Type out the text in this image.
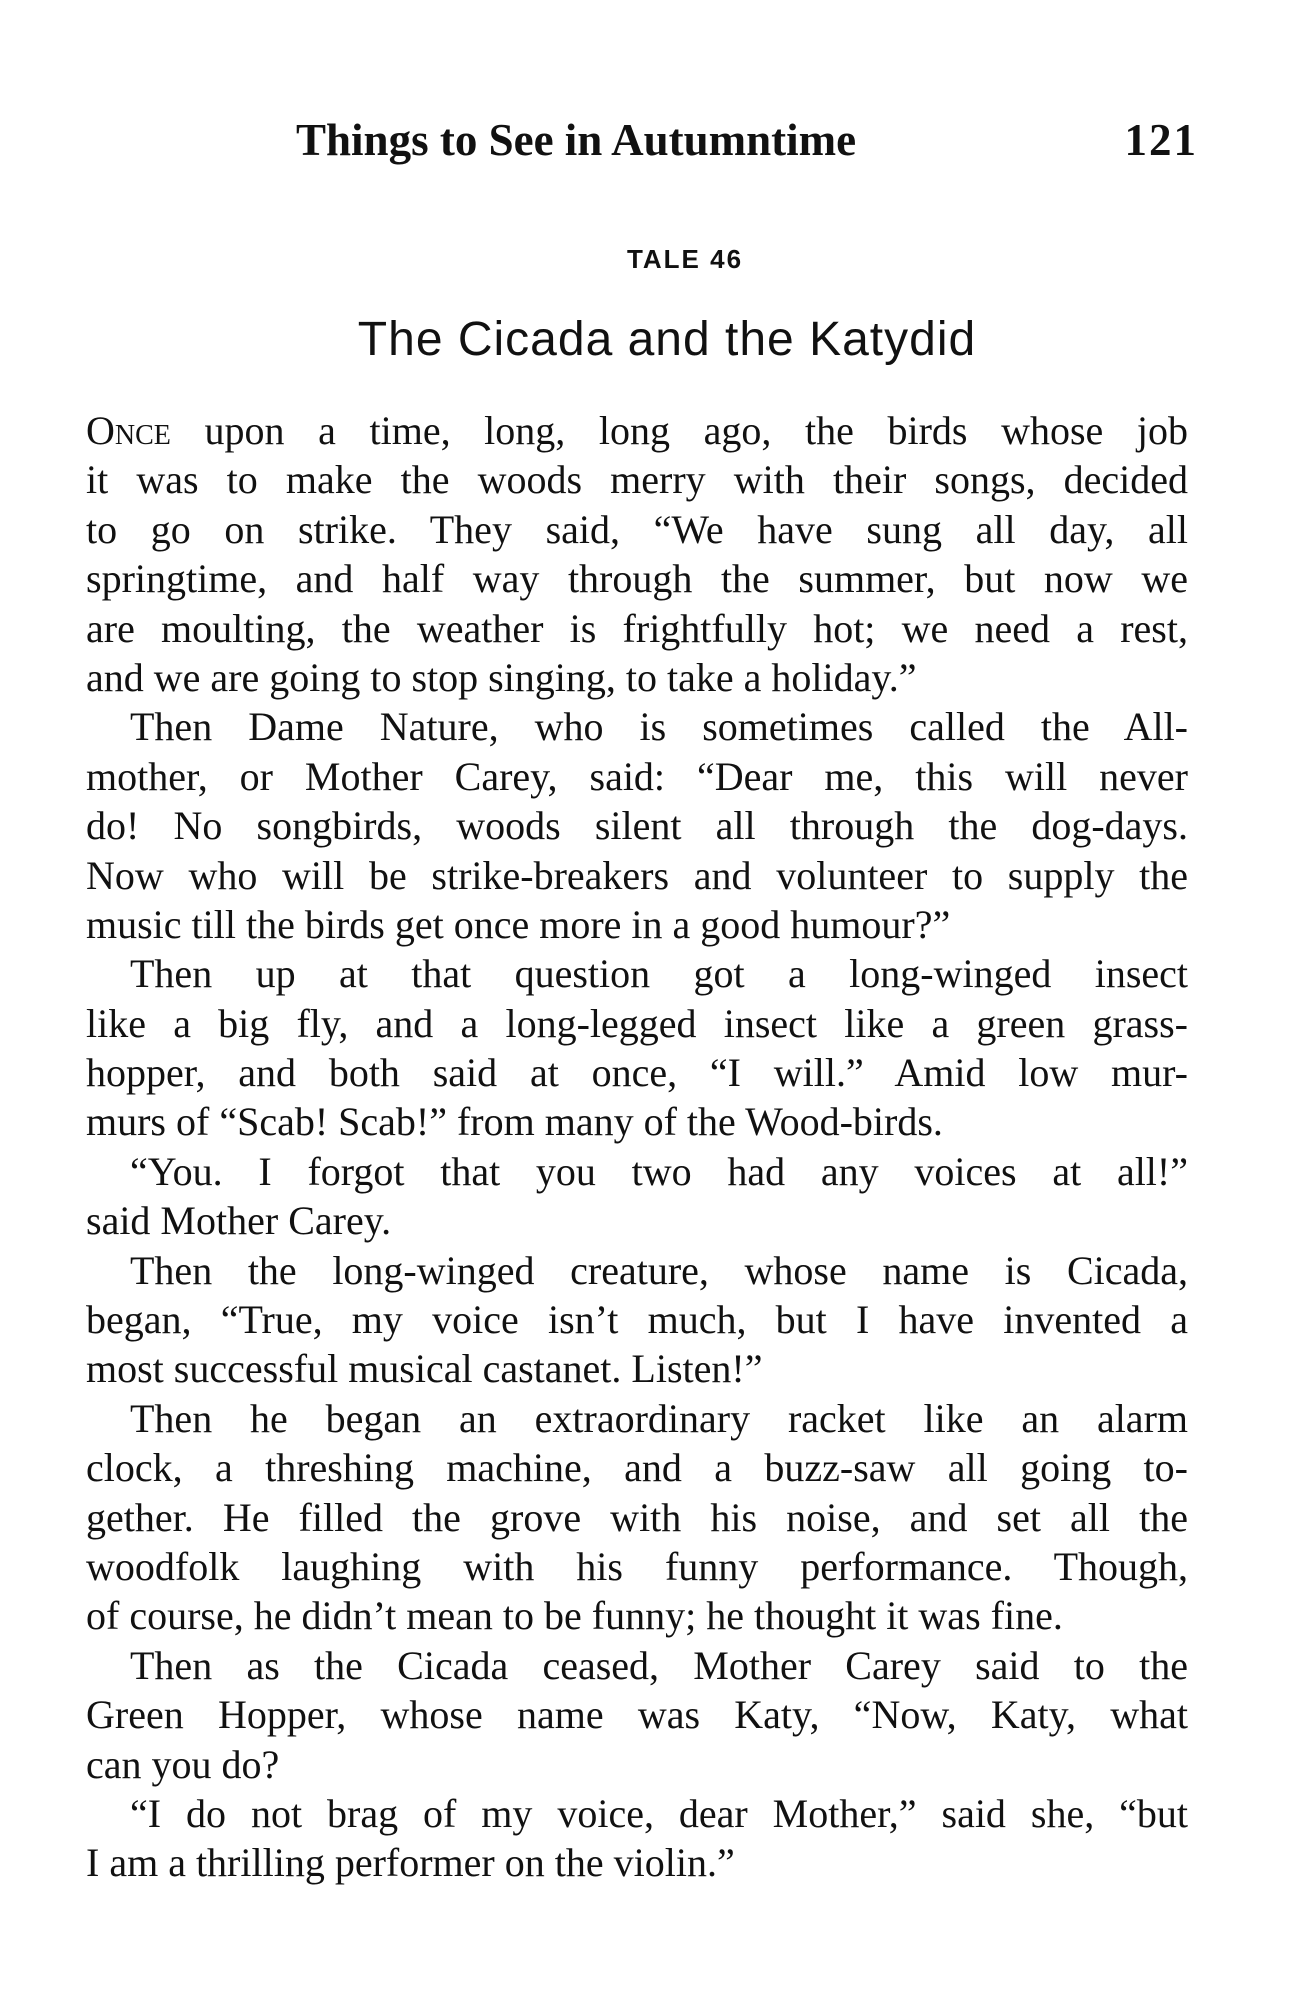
Things to See in Autumntime	121
TALE 46
The Cicada and the Katydid
Once upon a time, long, long ago, the birds whose job
it was to make the woods merry with their songs, decided
to go on strike. They said, “We have sung all day, all
springtime, and half way through the summer, but now we
are moulting, the weather is frightfully hot; we need a rest,
and we are going to stop singing, to take a holiday.”
Then Dame Nature, who is sometimes called the All-
mother, or Mother Carey, said: “Dear me, this will never
do! No songbirds, woods silent all through the dog-days.
Now who will be strike-breakers and volunteer to supply the
music till the birds get once more in a good humour?”
Then up at that question got a long-winged insect
like a big fly, and a long-legged insect like a green grass-
hopper, and both said at once, “I will.” Amid low mur-
murs of “Scab! Scab!” from many of the Wood-birds.
“You. I forgot that you two had any voices at all!”
said Mother Carey.
Then the long-winged creature, whose name is Cicada,
began, “True, my voice isn’t much, but I have invented a
most successful musical castanet. Listen!”
Then he began an extraordinary racket like an alarm
clock, a threshing machine, and a buzz-saw all going to-
gether. He filled the grove with his noise, and set all the
woodfolk laughing with his funny performance. Though,
of course, he didn’t mean to be funny; he thought it was fine.
Then as the Cicada ceased, Mother Carey said to the
Green Hopper, whose name was Katy, “Now, Katy, what
can you do?
“I do not brag of my voice, dear Mother,” said she, “but
I am a thrilling performer on the violin.”
